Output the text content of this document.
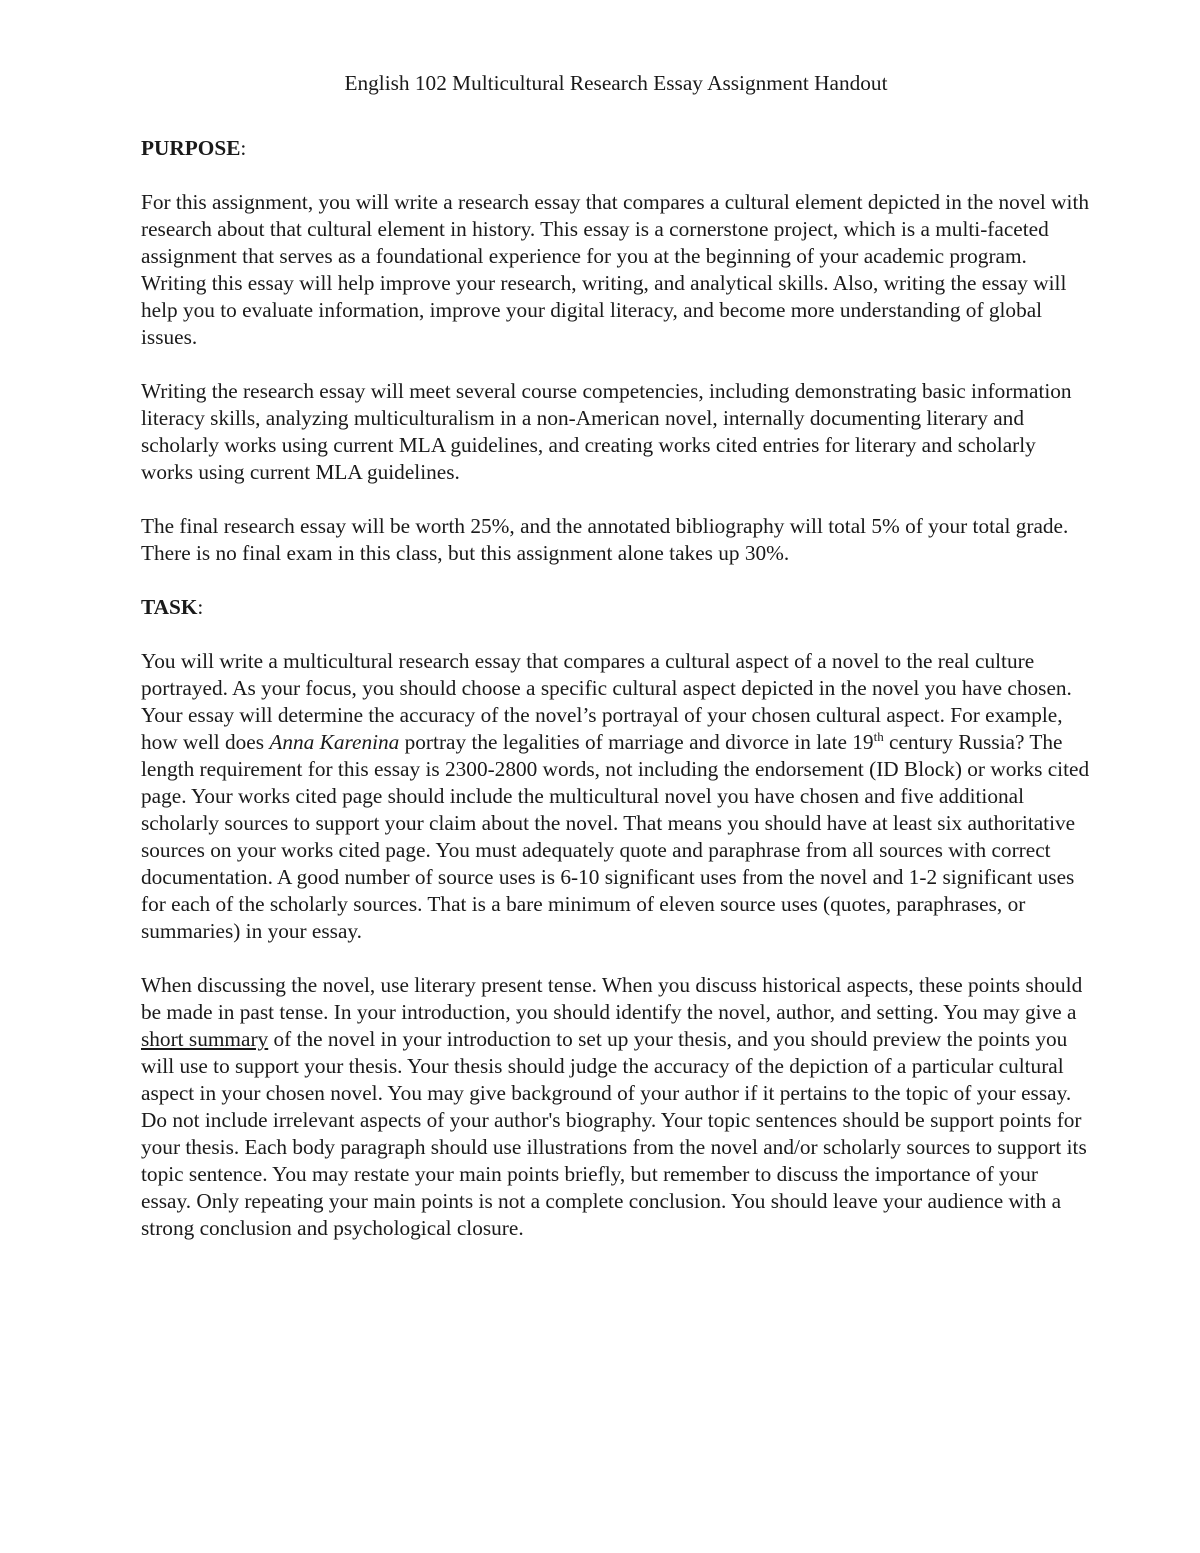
English 102 Multicultural Research Essay Assignment Handout
PURPOSE:

For this assignment, you will write a research essay that compares a cultural element depicted in the novel with research about that cultural element in history. This essay is a cornerstone project, which is a multi-faceted assignment that serves as a foundational experience for you at the beginning of your academic program. Writing this essay will help improve your research, writing, and analytical skills. Also, writing the essay will help you to evaluate information, improve your digital literacy, and become more understanding of global issues.

Writing the research essay will meet several course competencies, including demonstrating basic information literacy skills, analyzing multiculturalism in a non-American novel, internally documenting literary and scholarly works using current MLA guidelines, and creating works cited entries for literary and scholarly works using current MLA guidelines.

The final research essay will be worth 25%, and the annotated bibliography will total 5% of your total grade. There is no final exam in this class, but this assignment alone takes up 30%.

TASK:

You will write a multicultural research essay that compares a cultural aspect of a novel to the real culture portrayed. As your focus, you should choose a specific cultural aspect depicted in the novel you have chosen. Your essay will determine the accuracy of the novel’s portrayal of your chosen cultural aspect. For example, how well does Anna Karenina portray the legalities of marriage and divorce in late 19th century Russia? The length requirement for this essay is 2300-2800 words, not including the endorsement (ID Block) or works cited page. Your works cited page should include the multicultural novel you have chosen and five additional scholarly sources to support your claim about the novel. That means you should have at least six authoritative sources on your works cited page. You must adequately quote and paraphrase from all sources with correct documentation. A good number of source uses is 6-10 significant uses from the novel and 1-2 significant uses for each of the scholarly sources. That is a bare minimum of eleven source uses (quotes, paraphrases, or summaries) in your essay.

When discussing the novel, use literary present tense. When you discuss historical aspects, these points should be made in past tense. In your introduction, you should identify the novel, author, and setting. You may give a short summary of the novel in your introduction to set up your thesis, and you should preview the points you will use to support your thesis. Your thesis should judge the accuracy of the depiction of a particular cultural aspect in your chosen novel. You may give background of your author if it pertains to the topic of your essay. Do not include irrelevant aspects of your author's biography. Your topic sentences should be support points for your thesis. Each body paragraph should use illustrations from the novel and/or scholarly sources to support its topic sentence. You may restate your main points briefly, but remember to discuss the importance of your essay. Only repeating your main points is not a complete conclusion. You should leave your audience with a strong conclusion and psychological closure.
